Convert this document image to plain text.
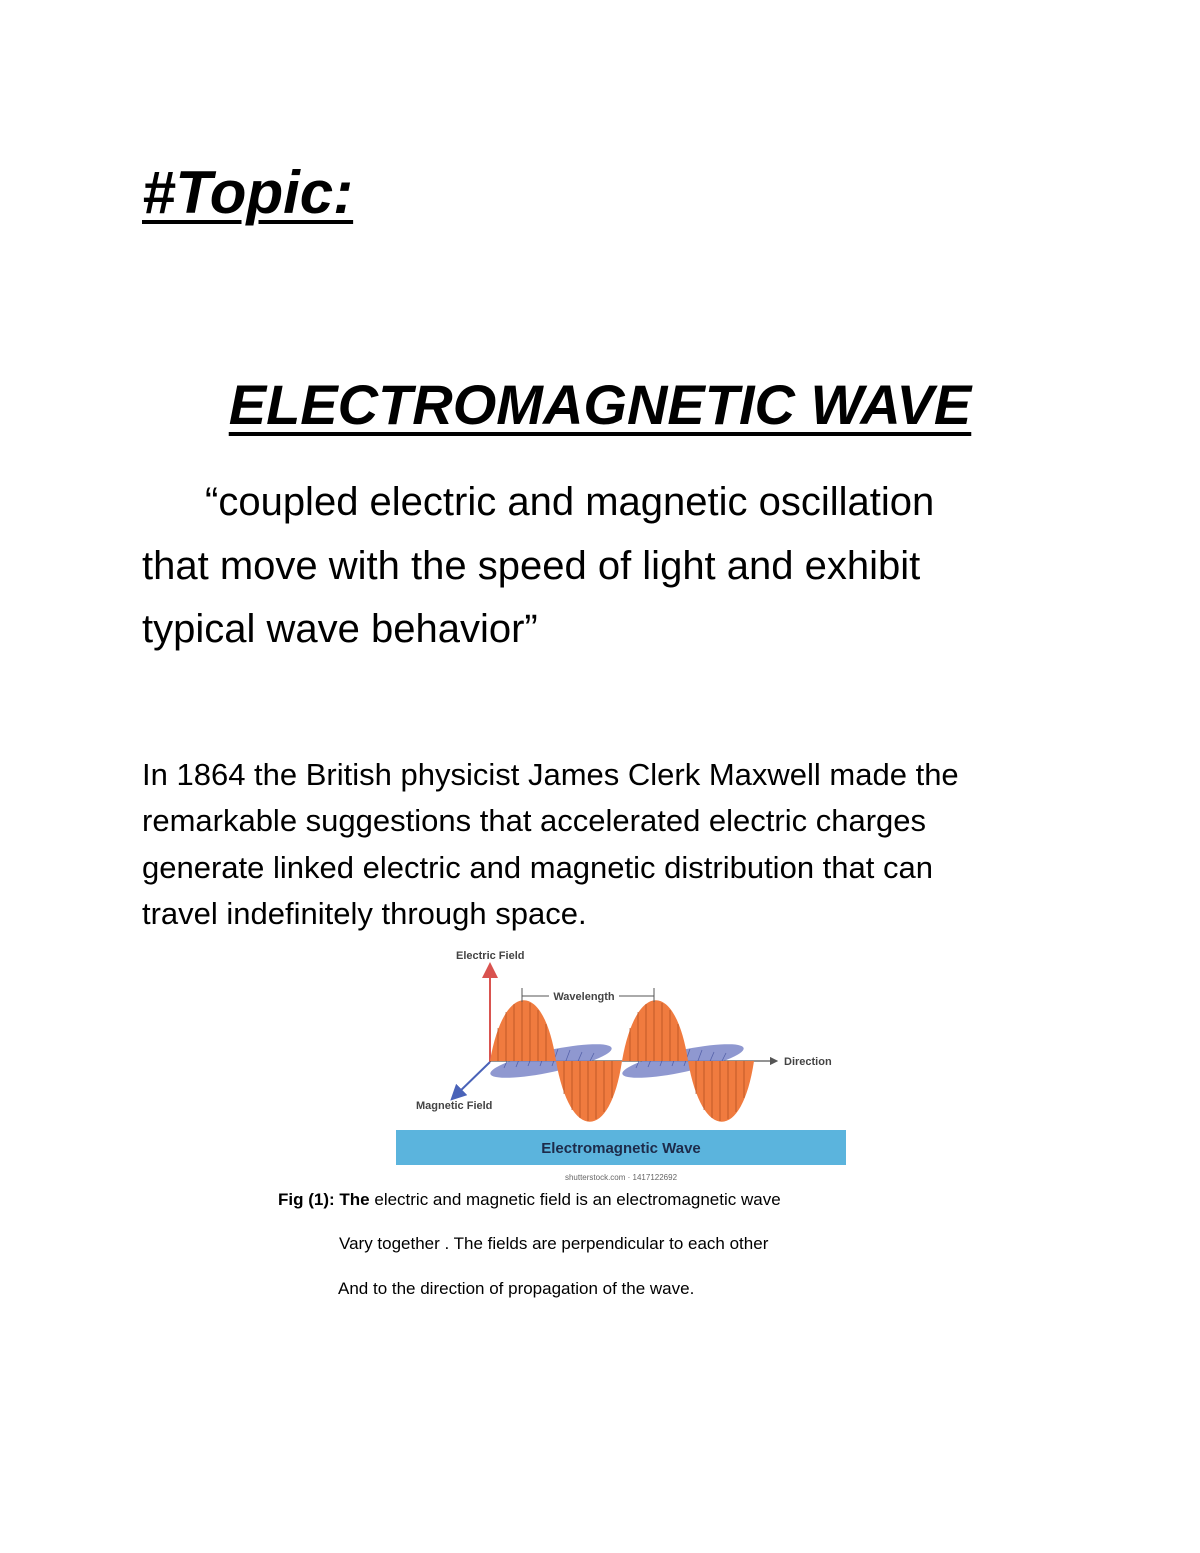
#Topic:
ELECTROMAGNETIC WAVE
“coupled electric and magnetic oscillation
that move with the speed of light and exhibit
typical wave behavior”
In 1864 the British physicist James Clerk Maxwell made the
remarkable suggestions that accelerated electric charges
generate linked electric and magnetic distribution that can
travel indefinitely through space.
Wavelength
Electric Field
Magnetic Field
Direction
Electromagnetic Wave
shutterstock.com · 1417122692
Fig (1): The electric and magnetic field is an electromagnetic wave
Vary together . The fields are perpendicular to each other
And to the direction of propagation of the wave.
